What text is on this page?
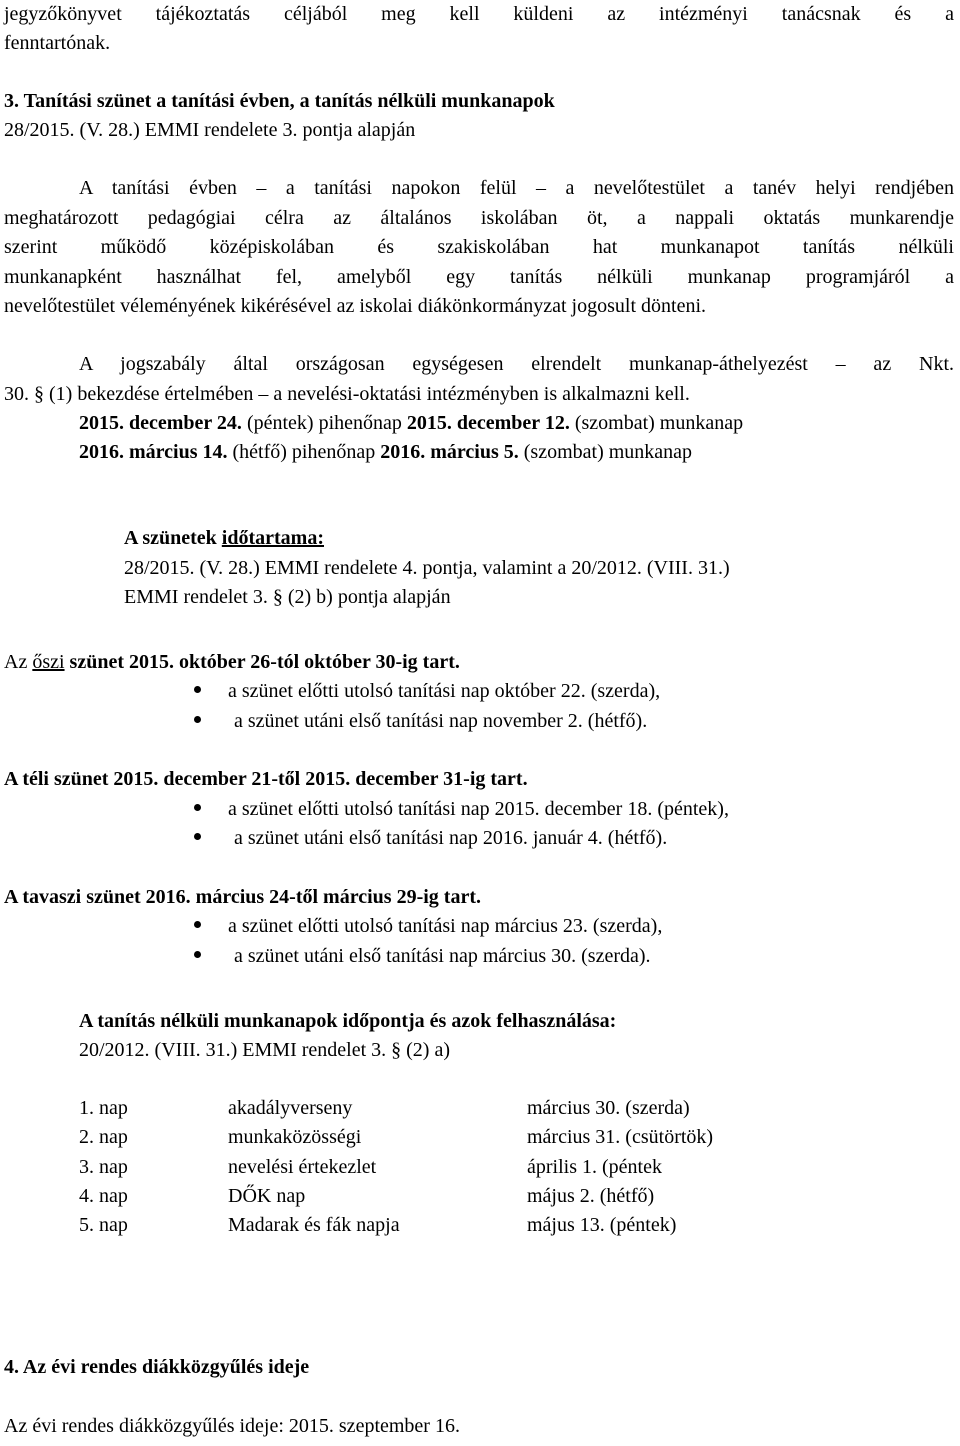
jegyzőkönyvet tájékoztatás céljából meg kell küldeni az intézményi tanácsnak és a
fenntartónak.
3. Tanítási szünet a tanítási évben, a tanítás nélküli munkanapok
28/2015. (V. 28.) EMMI rendelete 3. pontja alapján
A tanítási évben – a tanítási napokon felül – a nevelőtestület a tanév helyi rendjében
meghatározott pedagógiai célra az általános iskolában öt, a nappali oktatás munkarendje
szerint működő középiskolában és szakiskolában hat munkanapot tanítás nélküli
munkanapként használhat fel, amelyből egy tanítás nélküli munkanap programjáról a
nevelőtestület véleményének kikérésével az iskolai diákönkormányzat jogosult dönteni.
A jogszabály által országosan egységesen elrendelt munkanap-áthelyezést – az Nkt.
30. § (1) bekezdése értelmében – a nevelési-oktatási intézményben is alkalmazni kell.
2015. december 24. (péntek) pihenőnap 2015. december 12. (szombat) munkanap
2016. március 14. (hétfő) pihenőnap 2016. március 5. (szombat) munkanap
A szünetek időtartama:
28/2015. (V. 28.) EMMI rendelete 4. pontja, valamint a 20/2012. (VIII. 31.)
EMMI rendelet 3. § (2) b) pontja alapján
Az őszi szünet 2015. október 26-tól október 30-ig tart.
a szünet előtti utolsó tanítási nap október 22. (szerda),
a szünet utáni első tanítási nap november 2. (hétfő).
A téli szünet 2015. december 21-től 2015. december 31-ig tart.
a szünet előtti utolsó tanítási nap 2015. december 18. (péntek),
a szünet utáni első tanítási nap 2016. január 4. (hétfő).
A tavaszi szünet 2016. március 24-től március 29-ig tart.
a szünet előtti utolsó tanítási nap március 23. (szerda),
a szünet utáni első tanítási nap március 30. (szerda).
A tanítás nélküli munkanapok időpontja és azok felhasználása:
20/2012. (VIII. 31.) EMMI rendelet 3. § (2) a)
1. nap	akadályverseny	március 30. (szerda)
2. nap	munkaközösségi	március 31. (csütörtök)
3. nap	nevelési értekezlet	április 1. (péntek
4. nap	DŐK nap	május 2. (hétfő)
5. nap	Madarak és fák napja	május 13. (péntek)
4. Az évi rendes diákközgyűlés ideje
Az évi rendes diákközgyűlés ideje: 2015. szeptember 16.
